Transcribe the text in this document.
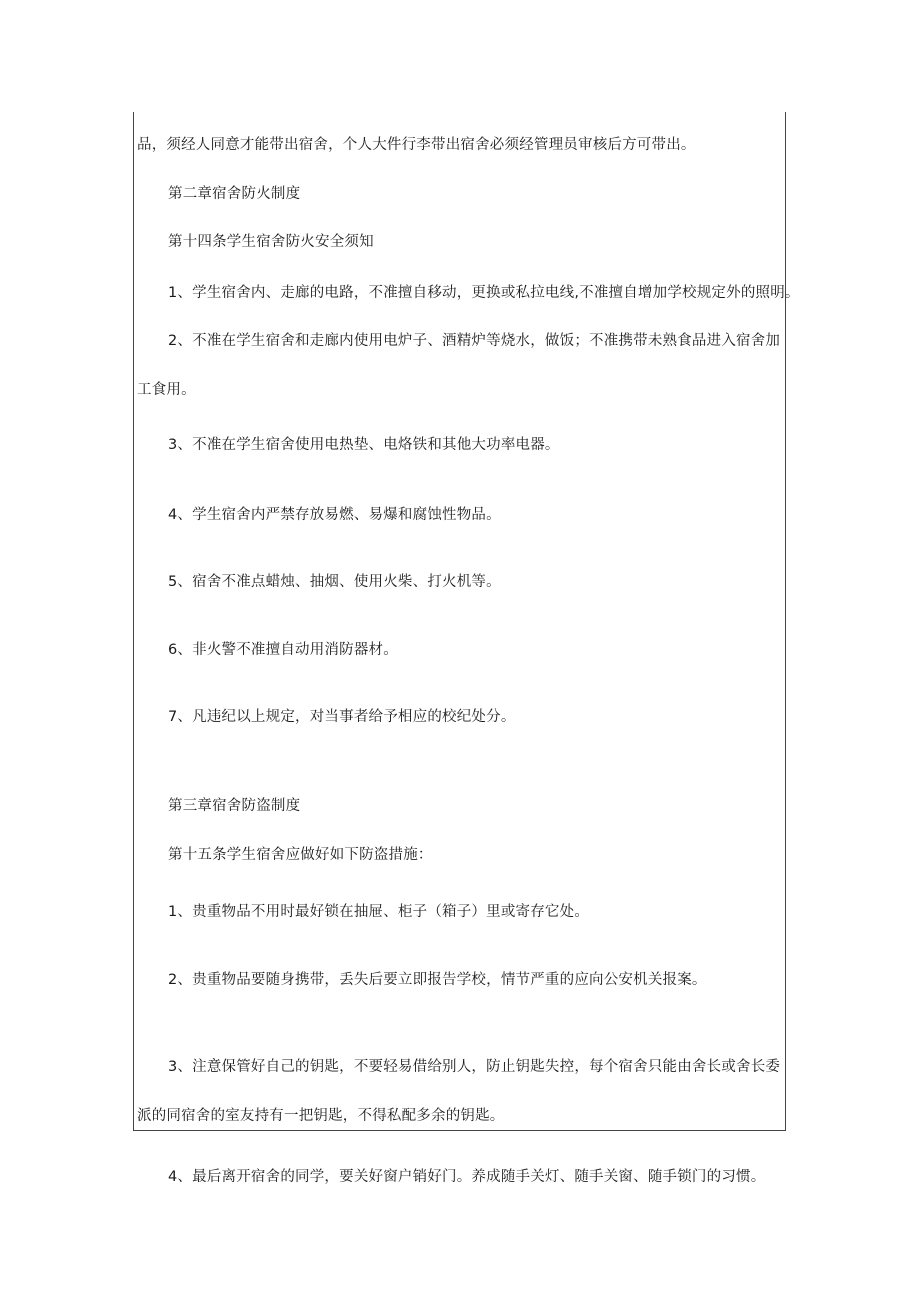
品，须经人同意才能带出宿舍，个人大件行李带出宿舍必须经管理员审核后方可带出。
第二章宿舍防火制度
第十四条学生宿舍防火安全须知
1、学生宿舍内、走廊的电路，不准擅自移动，更换或私拉电线,不准擅自增加学校规定外的照明。
2、不准在学生宿舍和走廊内使用电炉子、酒精炉等烧水，做饭；不准携带未熟食品进入宿舍加
工食用。
3、不准在学生宿舍使用电热垫、电烙铁和其他大功率电器。
4、学生宿舍内严禁存放易燃、易爆和腐蚀性物品。
5、宿舍不准点蜡烛、抽烟、使用火柴、打火机等。
6、非火警不准擅自动用消防器材。
7、凡违纪以上规定，对当事者给予相应的校纪处分。
第三章宿舍防盗制度
第十五条学生宿舍应做好如下防盗措施：
1、贵重物品不用时最好锁在抽屉、柜子（箱子）里或寄存它处。
2、贵重物品要随身携带，丢失后要立即报告学校，情节严重的应向公安机关报案。
3、注意保管好自己的钥匙，不要轻易借给别人，防止钥匙失控，每个宿舍只能由舍长或舍长委
派的同宿舍的室友持有一把钥匙，不得私配多余的钥匙。
4、最后离开宿舍的同学，要关好窗户销好门。养成随手关灯、随手关窗、随手锁门的习惯。
